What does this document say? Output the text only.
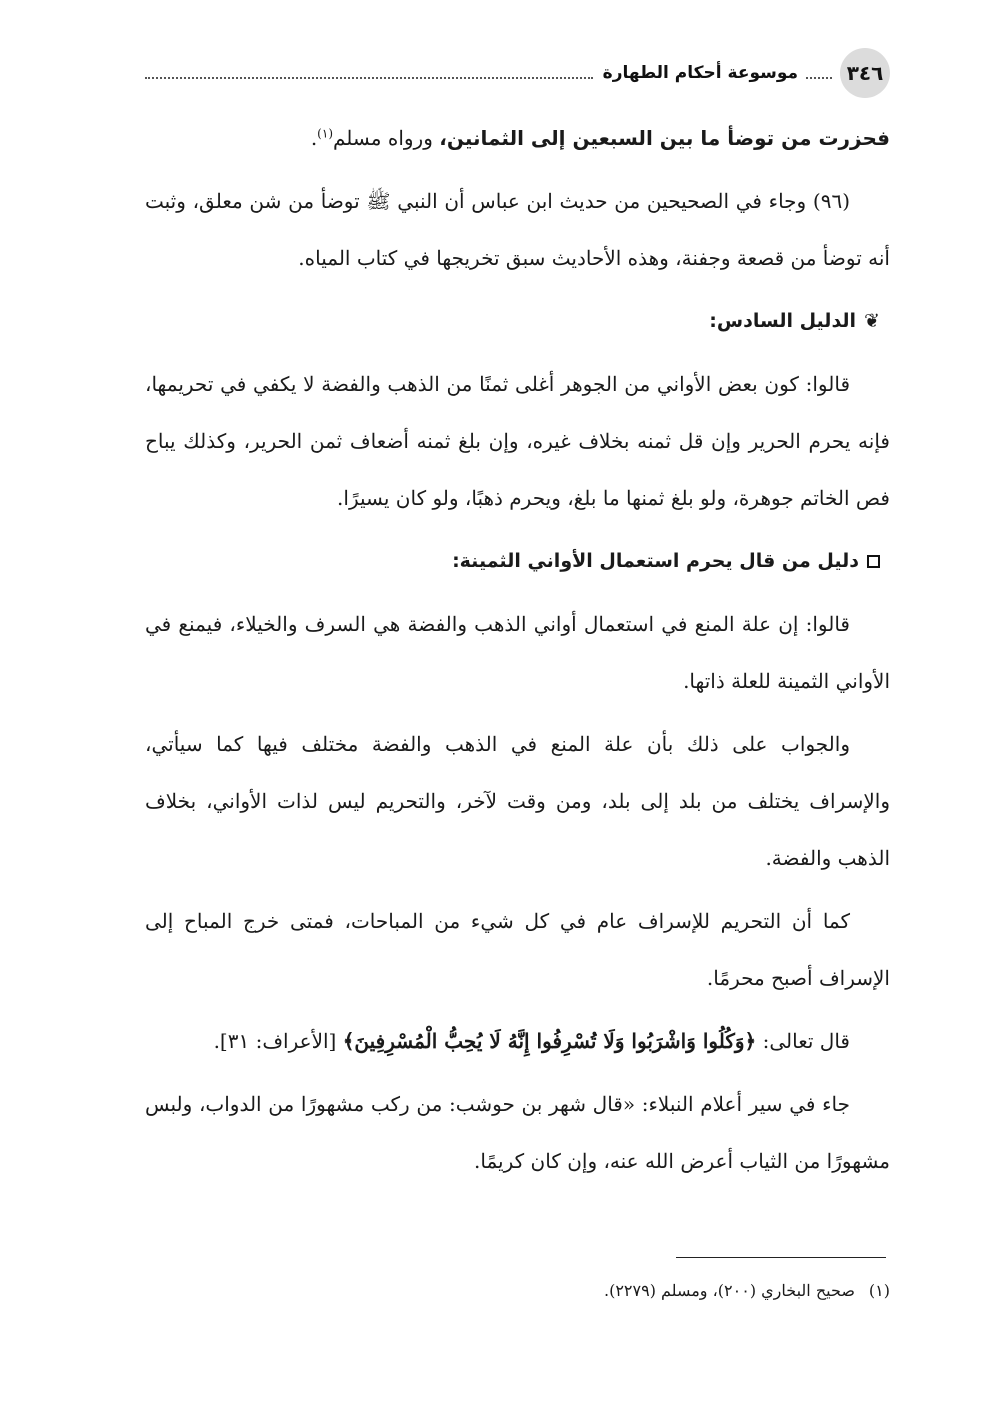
٣٤٦
موسوعة أحكام الطهارة

فحزرت من توضأ ما بين السبعين إلى الثمانين، ورواه مسلم$^{(١)}$.

(٩٦) وجاء في الصحيحين من حديث ابن عباس أن النبي ﷺ توضأ من شن معلق، وثبت أنه توضأ من قصعة وجفنة، وهذه الأحاديث سبق تخريجها في كتاب المياه.

❦الدليل السادس:

قالوا: كون بعض الأواني من الجوهر أغلى ثمنًا من الذهب والفضة لا يكفي في تحريمها، فإنه يحرم الحرير وإن قل ثمنه بخلاف غيره، وإن بلغ ثمنه أضعاف ثمن الحرير، وكذلك يباح فص الخاتم جوهرة، ولو بلغ ثمنها ما بلغ، ويحرم ذهبًا، ولو كان يسيرًا.

دليل من قال يحرم استعمال الأواني الثمينة:

قالوا: إن علة المنع في استعمال أواني الذهب والفضة هي السرف والخيلاء، فيمنع في الأواني الثمينة للعلة ذاتها.

والجواب على ذلك بأن علة المنع في الذهب والفضة مختلف فيها كما سيأتي، والإسراف يختلف من بلد إلى بلد، ومن وقت لآخر، والتحريم ليس لذات الأواني، بخلاف الذهب والفضة.

كما أن التحريم للإسراف عام في كل شيء من المباحات، فمتى خرج المباح إلى الإسراف أصبح محرمًا.

قال تعالى: ﴿وَكُلُوا وَاشْرَبُوا وَلَا تُسْرِفُوا إِنَّهُ لَا يُحِبُّ الْمُسْرِفِينَ﴾ [الأعراف: ٣١].

جاء في سير أعلام النبلاء: «قال شهر بن حوشب: من ركب مشهورًا من الدواب، ولبس مشهورًا من الثياب أعرض الله عنه، وإن كان كريمًا.

(١)صحيح البخاري (٢٠٠)، ومسلم (٢٢٧٩).
